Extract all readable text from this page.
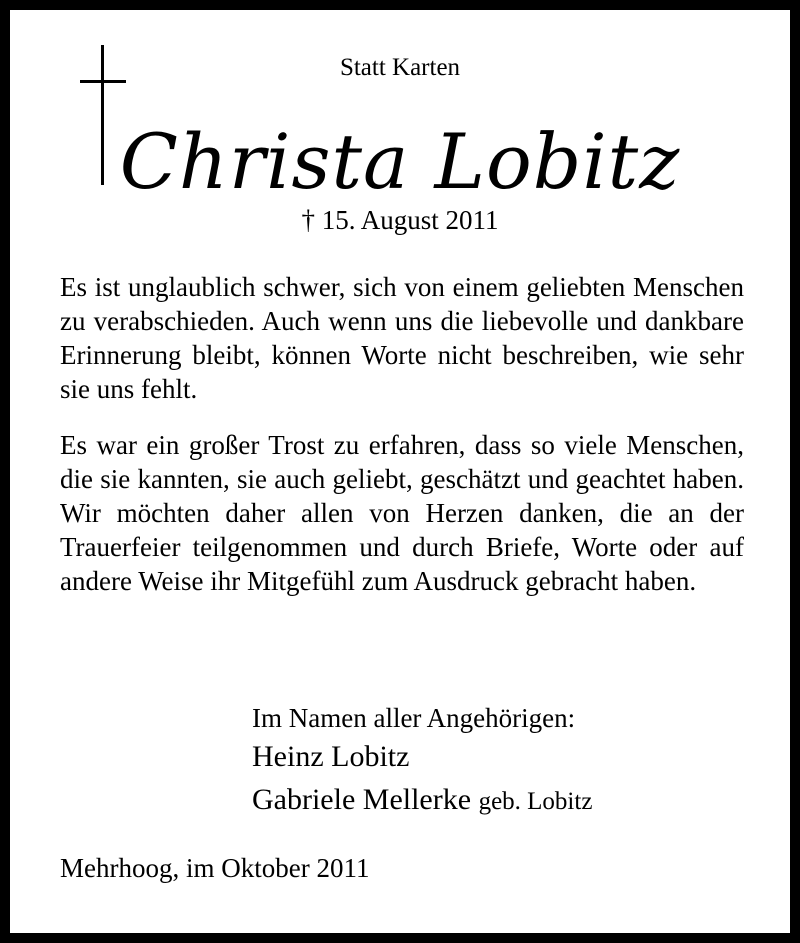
Statt Karten
Christa Lobitz
† 15. August 2011

Es ist unglaublich schwer, sich von einem geliebten Menschen zu verabschieden. Auch wenn uns die liebevolle und dankbare Erinnerung bleibt, können Worte nicht beschreiben, wie sehr sie uns fehlt.

Es war ein großer Trost zu erfahren, dass so viele Menschen, die sie kannten, sie auch geliebt, geschätzt und geachtet haben. Wir möchten daher allen von Herzen danken, die an der Trauerfeier teilgenommen und durch Briefe, Worte oder auf andere Weise ihr Mitgefühl zum Ausdruck gebracht haben.

Im Namen aller Angehörigen:
Heinz Lobitz
Gabriele Mellerke geb. Lobitz
Mehrhoog, im Oktober 2011
